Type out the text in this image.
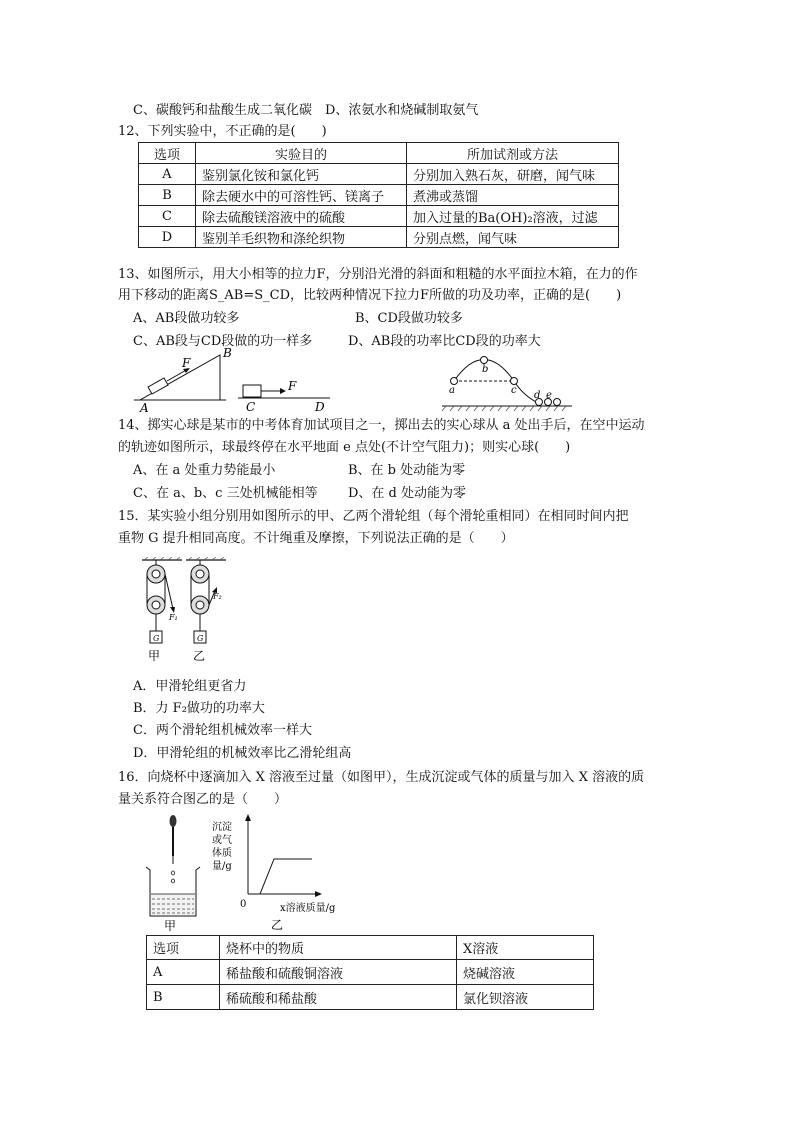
C、碳酸钙和盐酸生成二氧化碳　D、浓氨水和烧碱制取氨气
12、下列实验中，不正确的是(　　)
选项	实验目的	所加试剂或方法
A	鉴别氯化铵和氯化钙	分别加入熟石灰，研磨，闻气味
B	除去硬水中的可溶性钙、镁离子	煮沸或蒸馏
C	除去硫酸镁溶液中的硫酸	加入过量的Ba(OH)₂溶液，过滤
D	鉴别羊毛织物和涤纶织物	分别点燃，闻气味
13、如图所示，用大小相等的拉力F，分别沿光滑的斜面和粗糙的水平面拉木箱，在力的作
用下移动的距离S_AB=S_CD，比较两种情况下拉力F所做的功及功率，正确的是(　　)
A、AB段做功较多	B、CD段做功较多
C、AB段与CD段做的功一样多	D、AB段的功率比CD段的功率大
F
B
A
F
C	D
a
b
c d e
14、掷实心球是某市的中考体育加试项目之一，掷出去的实心球从 a 处出手后，在空中运动
的轨迹如图所示，球最终停在水平地面 e 点处(不计空气阻力)；则实心球(　　)
A、在 a 处重力势能最小	B、在 b 处动能为零
C、在 a、b、c 三处机械能相等 D、在 d 处动能为零
15．某实验小组分别用如图所示的甲、乙两个滑轮组（每个滑轮重相同）在相同时间内把
重物 G 提升相同高度。不计绳重及摩擦，下列说法正确的是（　　）
G
F₁
G
F₂
甲	乙
A．甲滑轮组更省力
B．力 F₂做功的功率大
C．两个滑轮组机械效率一样大
D．甲滑轮组的机械效率比乙滑轮组高
16．向烧杯中逐滴加入 X 溶液至过量（如图甲），生成沉淀或气体的质量与加入 X 溶液的质
量关系符合图乙的是（　　）
甲
沉淀
或气
体质
量/g
0	x溶液质量/g
乙
选项	烧杯中的物质	X溶液
A	稀盐酸和硫酸铜溶液	烧碱溶液
B	稀硫酸和稀盐酸	氯化钡溶液
